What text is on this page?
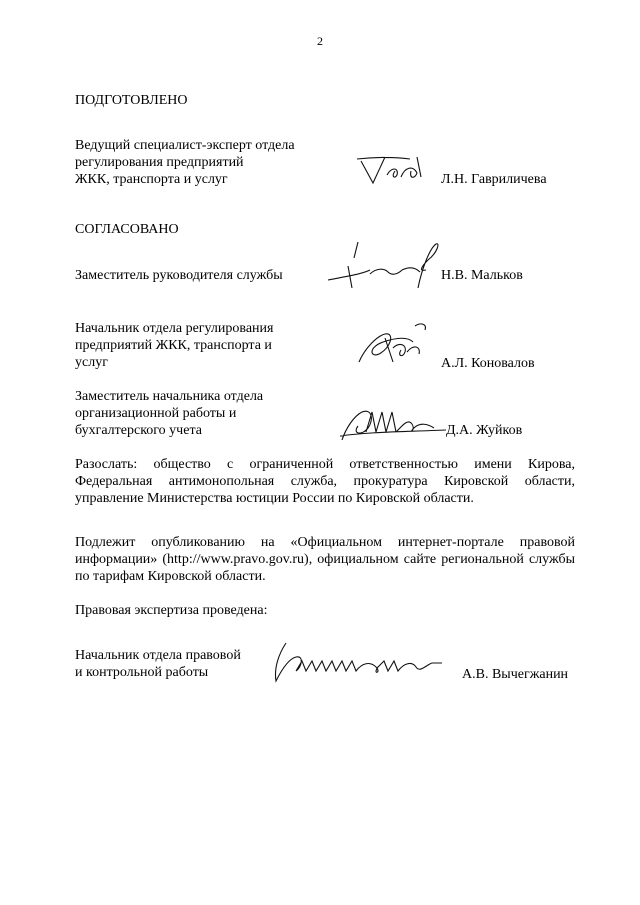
2
ПОДГОТОВЛЕНО
Ведущий специалист-эксперт отдела
регулирования предприятий
ЖКК, транспорта и услуг	Л.Н. Гавриличева
СОГЛАСОВАНО
Заместитель руководителя службы	Н.В. Мальков
Начальник отдела регулирования
предприятий ЖКК, транспорта и
услуг	А.Л. Коновалов
Заместитель начальника отдела
организационной работы и
бухгалтерского учета	Д.А. Жуйков
Разослать: общество с ограниченной ответственностью имени Кирова, Федеральная антимонопольная служба, прокуратура Кировской области, управление Министерства юстиции России по Кировской области.
Подлежит опубликованию на «Официальном интернет-портале правовой информации» (http://www.pravo.gov.ru), официальном сайте региональной службы по тарифам Кировской области.
Правовая экспертиза проведена:
Начальник отдела правовой
и контрольной работы	А.В. Вычегжанин
